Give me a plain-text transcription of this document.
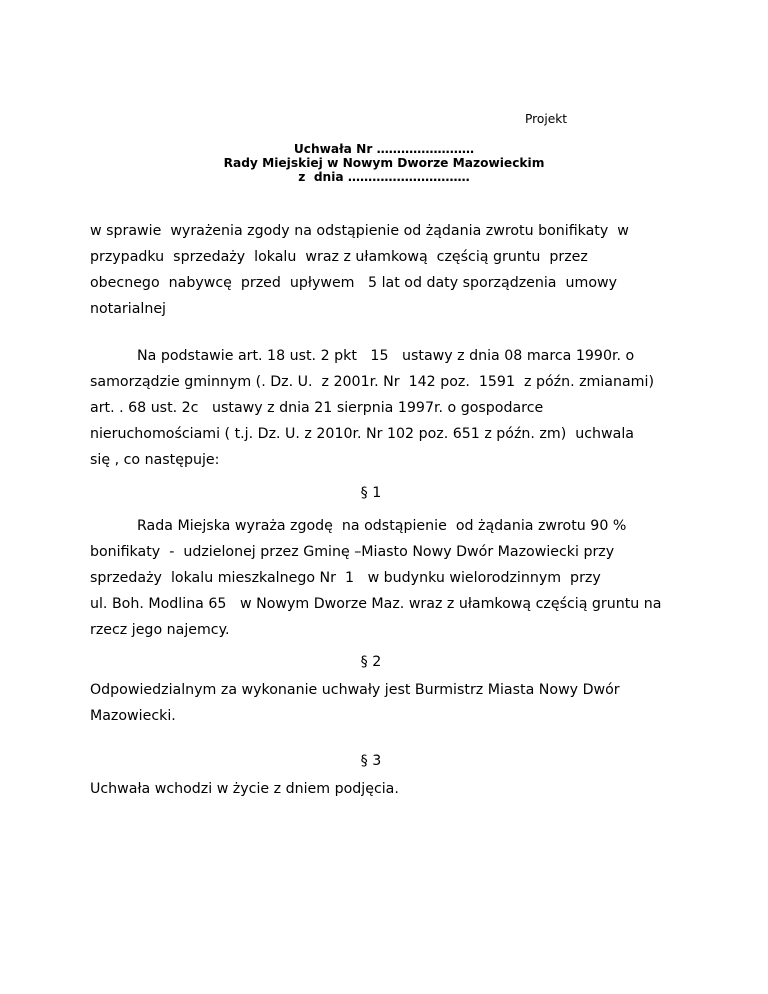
Projekt
Uchwała Nr ……………………
Rady Miejskiej w Nowym Dworze Mazowieckim
z  dnia …………………………
w sprawie  wyrażenia zgody na odstąpienie od żądania zwrotu bonifikaty  w
przypadku  sprzedaży  lokalu  wraz z ułamkową  częścią gruntu  przez
obecnego  nabywcę  przed  upływem   5 lat od daty sporządzenia  umowy
notarialnej
Na podstawie art. 18 ust. 2 pkt   15   ustawy z dnia 08 marca 1990r. o
samorządzie gminnym (. Dz. U.  z 2001r. Nr  142 poz.  1591  z późn. zmianami)
art. . 68 ust. 2c   ustawy z dnia 21 sierpnia 1997r. o gospodarce
nieruchomościami ( t.j. Dz. U. z 2010r. Nr 102 poz. 651 z późn. zm)  uchwala
się , co następuje:
§ 1
Rada Miejska wyraża zgodę  na odstąpienie  od żądania zwrotu 90 %
bonifikaty  -  udzielonej przez Gminę –Miasto Nowy Dwór Mazowiecki przy
sprzedaży  lokalu mieszkalnego Nr  1   w budynku wielorodzinnym  przy
ul. Boh. Modlina 65   w Nowym Dworze Maz. wraz z ułamkową częścią gruntu na
rzecz jego najemcy.
§ 2
Odpowiedzialnym za wykonanie uchwały jest Burmistrz Miasta Nowy Dwór
Mazowiecki.
§ 3
Uchwała wchodzi w życie z dniem podjęcia.
